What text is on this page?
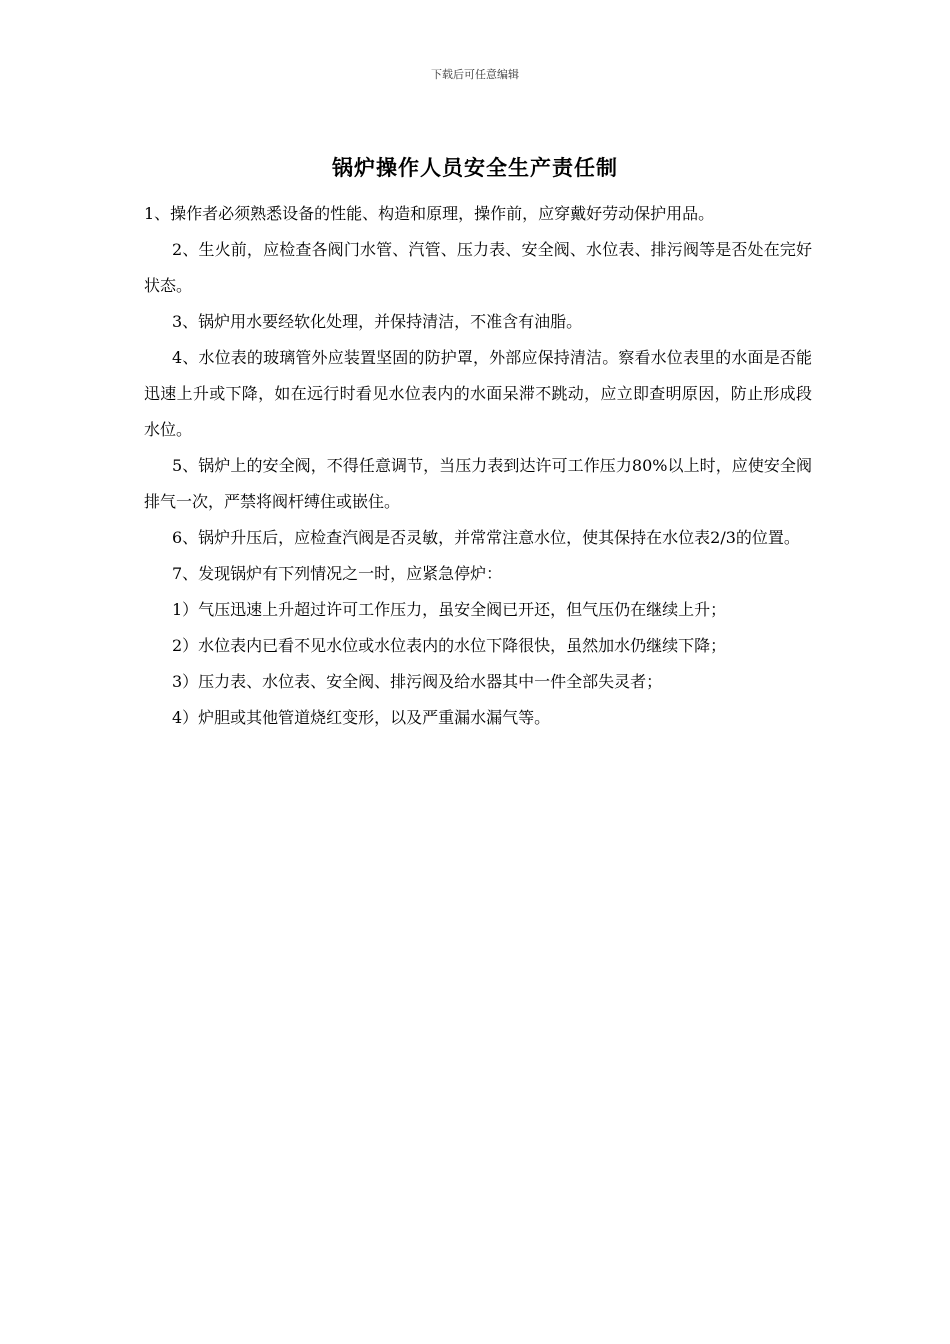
下载后可任意编辑
锅炉操作人员安全生产责任制

1、操作者必须熟悉设备的性能、构造和原理，操作前，应穿戴好劳动保护用品。

2、生火前，应检查各阀门水管、汽管、压力表、安全阀、水位表、排污阀等是否处在完好状态。

3、锅炉用水要经软化处理，并保持清洁，不准含有油脂。

4、水位表的玻璃管外应装置坚固的防护罩，外部应保持清洁。察看水位表里的水面是否能迅速上升或下降，如在远行时看见水位表内的水面呆滞不跳动，应立即查明原因，防止形成段水位。

5、锅炉上的安全阀，不得任意调节，当压力表到达许可工作压力80%以上时，应使安全阀排气一次，严禁将阀杆缚住或嵌住。

6、锅炉升压后，应检查汽阀是否灵敏，并常常注意水位，使其保持在水位表2/3的位置。

7、发现锅炉有下列情况之一时，应紧急停炉：

1）气压迅速上升超过许可工作压力，虽安全阀已开还，但气压仍在继续上升；

2）水位表内已看不见水位或水位表内的水位下降很快，虽然加水仍继续下降；

3）压力表、水位表、安全阀、排污阀及给水器其中一件全部失灵者；

4）炉胆或其他管道烧红变形，以及严重漏水漏气等。
